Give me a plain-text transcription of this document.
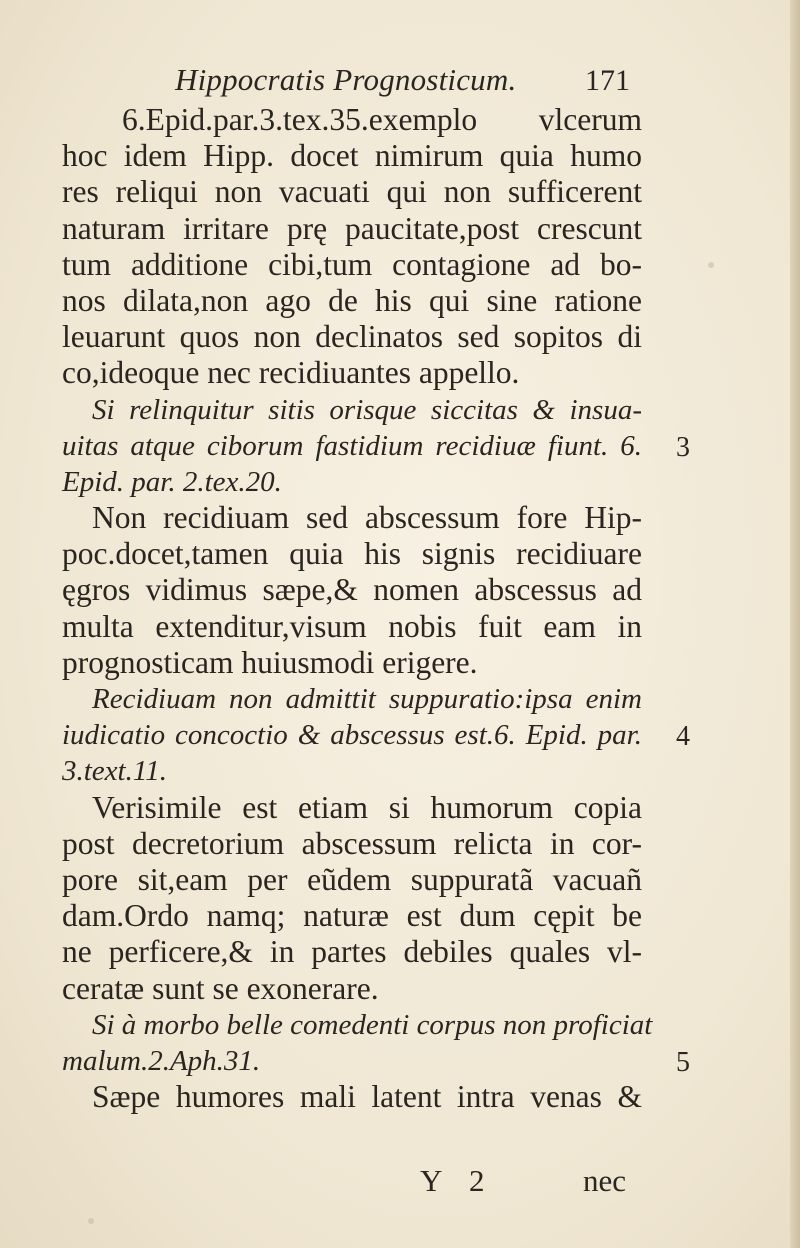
Hippocratis Prognosticum. 171
6.Epid.par.3.tex.35.exemplo vlcerum
hoc idem Hipp. docet nimirum quia humo
res reliqui non vacuati qui non sufficerent
naturam irritare prę paucitate,post crescunt
tum additione cibi,tum contagione ad bo-
nos dilata,non ago de his qui sine ratione
leuarunt quos non declinatos sed sopitos di
co,ideoque nec recidiuantes appello.
Si relinquitur sitis orisque siccitas & insua-
uitas atque ciborum fastidium recidiuæ fiunt. 6.
Epid. par. 2.tex.20.
Non recidiuam sed abscessum fore Hip-
poc.docet,tamen quia his signis recidiuare
ęgros vidimus sæpe,& nomen abscessus ad
multa extenditur,visum nobis fuit eam in
prognosticam huiusmodi erigere.
Recidiuam non admittit suppuratio:ipsa enim
iudicatio concoctio & abscessus est.6. Epid. par.
3.text.11.
Verisimile est etiam si humorum copia
post decretorium abscessum relicta in cor-
pore sit,eam per eũdem suppuratã vacuañ
dam.Ordo namq; naturæ est dum cępit be
ne perficere,& in partes debiles quales vl-
ceratæ sunt se exonerare.
Si à morbo belle comedenti corpus non proficiat
malum.2.Aph.31.
Sæpe humores mali latent intra venas &
3
4
5
Y 2	nec
